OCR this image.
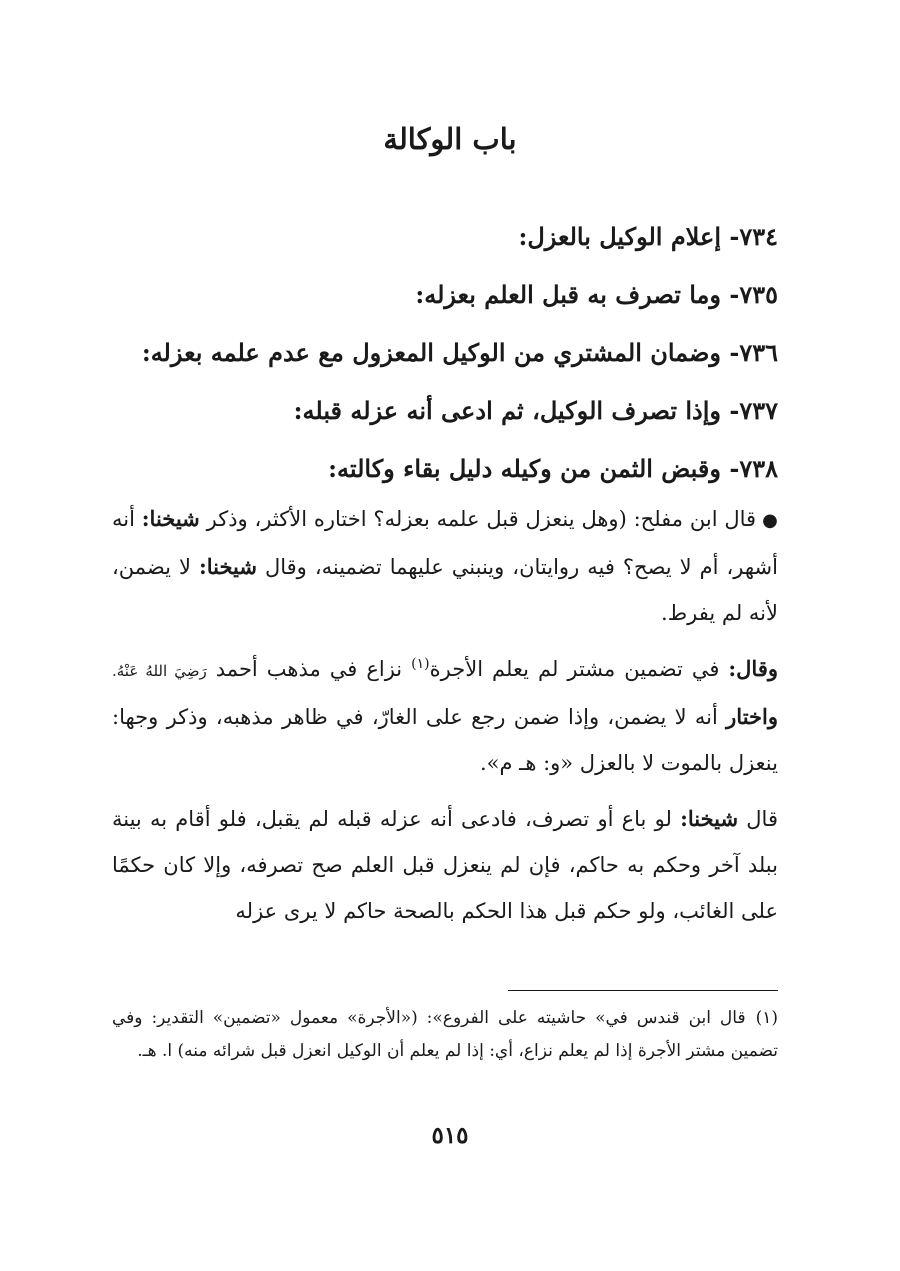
باب الوكالة

٧٣٤- إعلام الوكيل بالعزل:

٧٣٥- وما تصرف به قبل العلم بعزله:

٧٣٦- وضمان المشتري من الوكيل المعزول مع عدم علمه بعزله:

٧٣٧- وإذا تصرف الوكيل، ثم ادعى أنه عزله قبله:

٧٣٨- وقبض الثمن من وكيله دليل بقاء وكالته:

●قال ابن مفلح: (وهل ينعزل قبل علمه بعزله؟ اختاره الأكثر، وذكر شيخنا: أنه أشهر، أم لا يصح؟ فيه روايتان، وينبني عليهما تضمينه، وقال شيخنا: لا يضمن، لأنه لم يفرط.

وقال: في تضمين مشتر لم يعلم الأجرة$^{(١)}$ نزاع في مذهب أحمد رَضِيَ اللهُ عَنْهُ. واختار أنه لا يضمن، وإذا ضمن رجع على الغارّ، في ظاهر مذهبه، وذكر وجها: ينعزل بالموت لا بالعزل «و: هـ م».

قال شيخنا: لو باع أو تصرف، فادعى أنه عزله قبله لم يقبل، فلو أقام به بينة ببلد آخر وحكم به حاكم، فإن لم ينعزل قبل العلم صح تصرفه، وإلا كان حكمًا على الغائب، ولو حكم قبل هذا الحكم بالصحة حاكم لا يرى عزله

(١)قال ابن قندس في» حاشيته على الفروع»: («الأجرة» معمول «تضمين» التقدير: وفي تضمين مشتر الأجرة إذا لم يعلم نزاع، أي: إذا لم يعلم أن الوكيل انعزل قبل شرائه منه) ا. هـ.

٥١٥
